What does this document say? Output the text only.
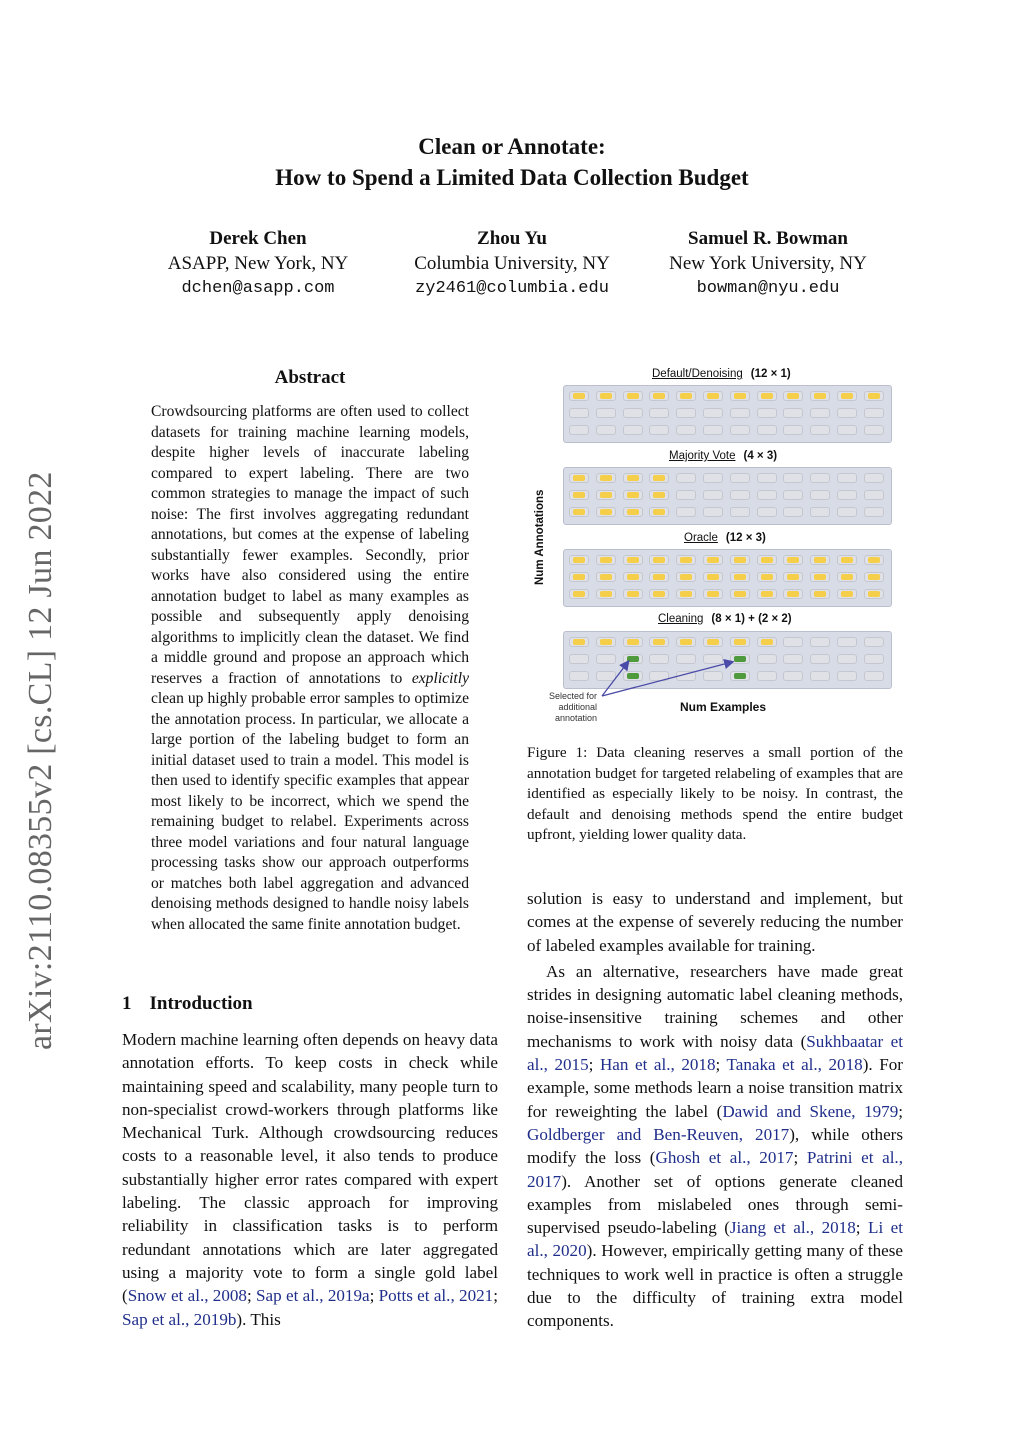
arXiv:2110.08355v2 [cs.CL] 12 Jun 2022
Clean or Annotate:
How to Spend a Limited Data Collection Budget
Derek Chen
ASAPP, New York, NY
dchen@asapp.com
Zhou Yu
Columbia University, NY
zy2461@columbia.edu
Samuel R. Bowman
New York University, NY
bowman@nyu.edu
Abstract
Crowdsourcing platforms are often used to collect datasets for training machine learning models, despite higher levels of inaccurate labeling compared to expert labeling. There are two common strategies to manage the impact of such noise: The first involves aggregating redundant annotations, but comes at the expense of labeling substantially fewer examples. Secondly, prior works have also considered using the entire annotation budget to label as many examples as possible and subsequently apply denoising algorithms to implicitly clean the dataset. We find a middle ground and propose an approach which reserves a fraction of annotations to explicitly clean up highly probable error samples to optimize the annotation process. In particular, we allocate a large portion of the labeling budget to form an initial dataset used to train a model. This model is then used to identify specific examples that appear most likely to be incorrect, which we spend the remaining budget to relabel. Experiments across three model variations and four natural language processing tasks show our approach outperforms or matches both label aggregation and advanced denoising methods designed to handle noisy labels when allocated the same finite annotation budget.
1 Introduction
Modern machine learning often depends on heavy data annotation efforts. To keep costs in check while maintaining speed and scalability, many people turn to non-specialist crowd-workers through platforms like Mechanical Turk. Although crowdsourcing reduces costs to a reasonable level, it also tends to produce substantially higher error rates compared with expert labeling. The classic approach for improving reliability in classification tasks is to perform redundant annotations which are later aggregated using a majority vote to form a single gold label (Snow et al., 2008; Sap et al., 2019a; Potts et al., 2021; Sap et al., 2019b). This

solution is easy to understand and implement, but comes at the expense of severely reducing the number of labeled examples available for training.

As an alternative, researchers have made great strides in designing automatic label cleaning methods, noise-insensitive training schemes and other mechanisms to work with noisy data (Sukhbaatar et al., 2015; Han et al., 2018; Tanaka et al., 2018). For example, some methods learn a noise transition matrix for reweighting the label (Dawid and Skene, 1979; Goldberger and Ben-Reuven, 2017), while others modify the loss (Ghosh et al., 2017; Patrini et al., 2017). Another set of options generate cleaned examples from mislabeled ones through semi-supervised pseudo-labeling (Jiang et al., 2018; Li et al., 2020). However, empirically getting many of these techniques to work well in practice is often a struggle due to the difficulty of training extra model components.

Default/Denoising (12 × 1)
Majority Vote (4 × 3)
Oracle (12 × 3)
Cleaning (8 × 1) + (2 × 2)
Num Annotations
Num Examples
Selected for additional annotation
Figure 1: Data cleaning reserves a small portion of the annotation budget for targeted relabeling of examples that are identified as especially likely to be noisy. In contrast, the default and denoising methods spend the entire budget upfront, yielding lower quality data.
